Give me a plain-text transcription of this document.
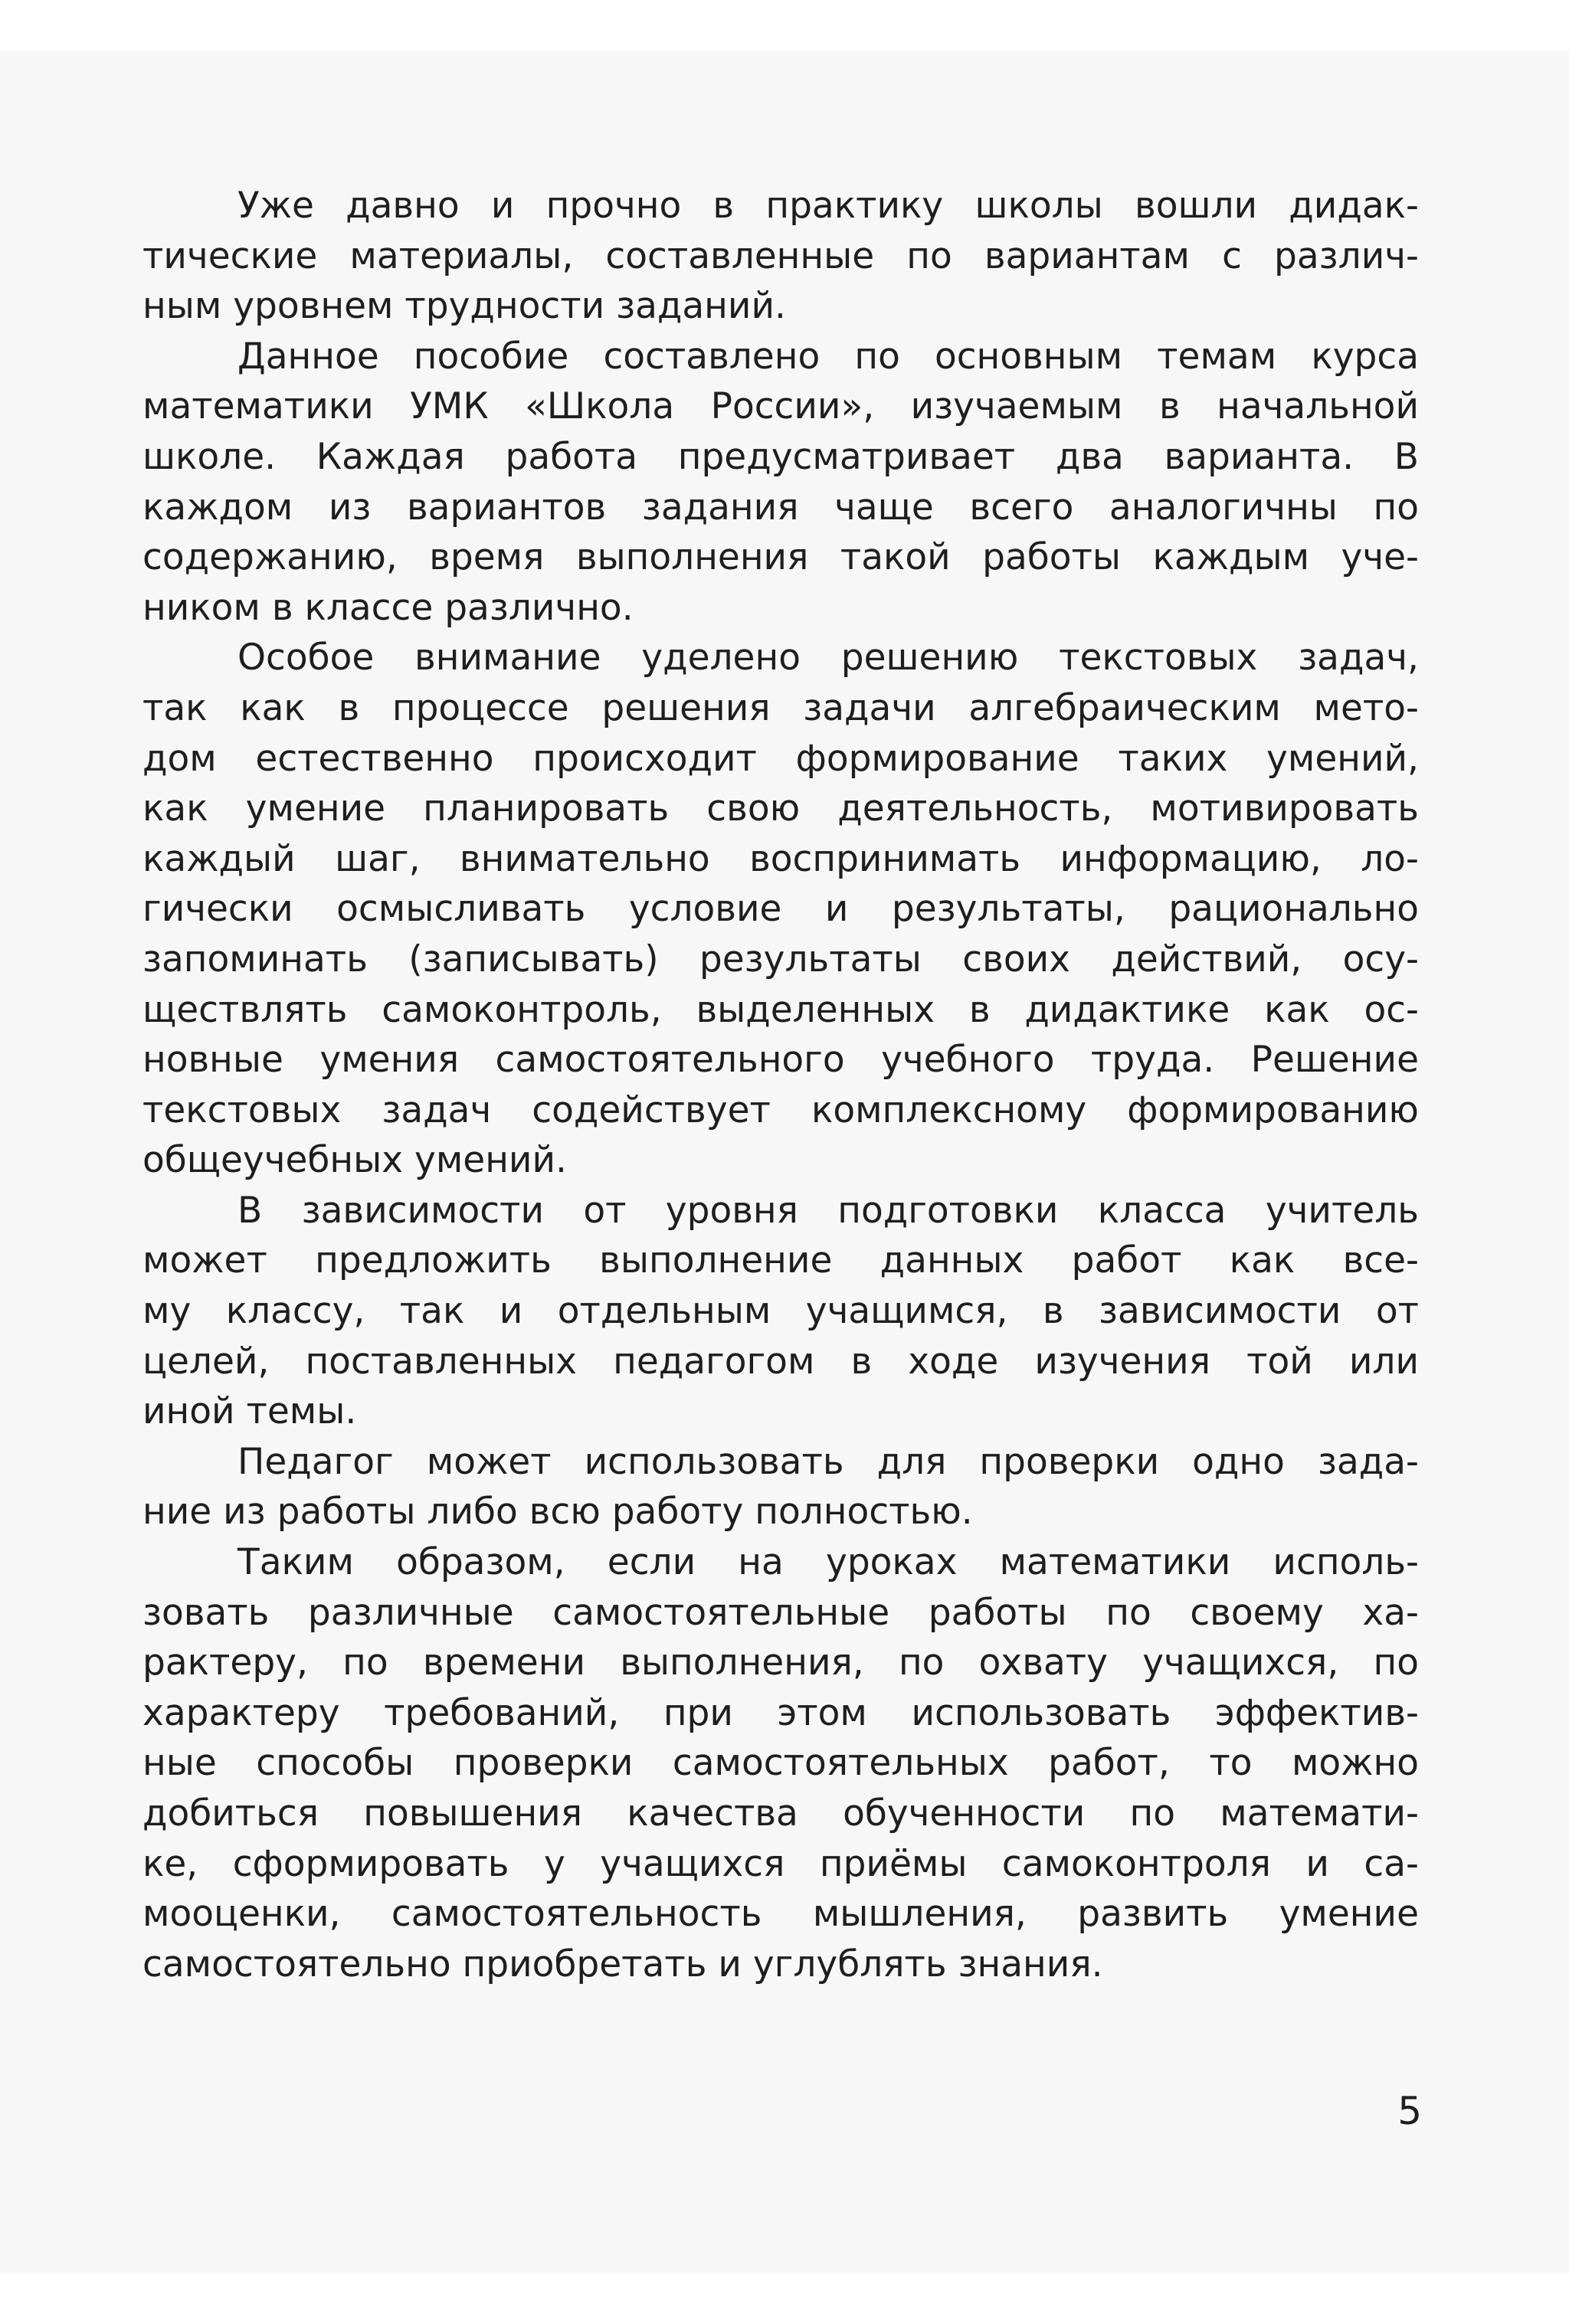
Уже давно и прочно в практику школы вошли дидак-
тические материалы, составленные по вариантам с различ-
ным уровнем трудности заданий.
Данное пособие составлено по основным темам курса
математики УМК «Школа России», изучаемым в начальной
школе. Каждая работа предусматривает два варианта. В
каждом из вариантов задания чаще всего аналогичны по
содержанию, время выполнения такой работы каждым уче-
ником в классе различно.
Особое внимание уделено решению текстовых задач,
так как в процессе решения задачи алгебраическим мето-
дом естественно происходит формирование таких умений,
как умение планировать свою деятельность, мотивировать
каждый шаг, внимательно воспринимать информацию, ло-
гически осмысливать условие и результаты, рационально
запоминать (записывать) результаты своих действий, осу-
ществлять самоконтроль, выделенных в дидактике как ос-
новные умения самостоятельного учебного труда. Решение
текстовых задач содействует комплексному формированию
общеучебных умений.
В зависимости от уровня подготовки класса учитель
может предложить выполнение данных работ как все-
му классу, так и отдельным учащимся, в зависимости от
целей, поставленных педагогом в ходе изучения той или
иной темы.
Педагог может использовать для проверки одно зада-
ние из работы либо всю работу полностью.
Таким образом, если на уроках математики исполь-
зовать различные самостоятельные работы по своему ха-
рактеру, по времени выполнения, по охвату учащихся, по
характеру требований, при этом использовать эффектив-
ные способы проверки самостоятельных работ, то можно
добиться повышения качества обученности по математи-
ке, сформировать у учащихся приёмы самоконтроля и са-
мооценки, самостоятельность мышления, развить умение
самостоятельно приобретать и углублять знания.
5
